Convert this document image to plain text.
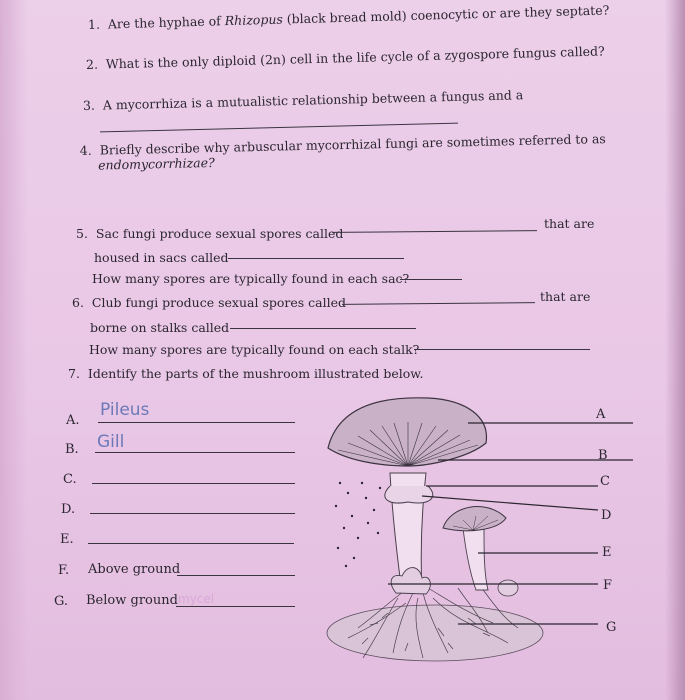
1. Are the hyphae of Rhizopus (black bread mold) coenocytic or are they septate?
2. What is the only diploid (2n) cell in the life cycle of a zygospore fungus called?
3. A mycorrhiza is a mutualistic relationship between a fungus and a
4. Briefly describe why arbuscular mycorrhizal fungi are sometimes referred to as
endomycorrhizae?
5. Sac fungi produce sexual spores called
that are
housed in sacs called
How many spores are typically found in each sac?
6. Club fungi produce sexual spores called	that are
borne on stalks called
How many spores are typically found on each stalk?
7. Identify the parts of the mushroom illustrated below.
A.
Pileus
B. Gill
C.
D.
E.
F. Above ground
G. Below ground mycel
A
B
C
D
E
F
G
